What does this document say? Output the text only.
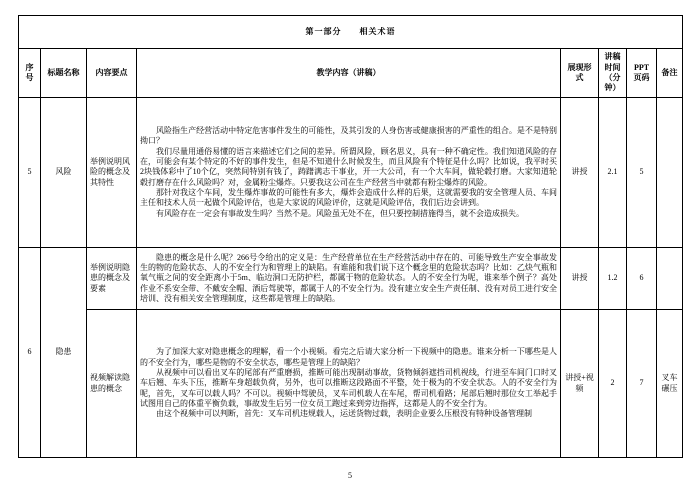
第一部分　　相关术语							
序号	标题名称	内容要点	教学内容（讲稿）	展现形式	讲稿时间（分钟）	PPT页码	备注
5	风险	举例说明风险的概念及其特性	风险指生产经营活动中特定危害事件发生的可能性，及其引发的人身伤害或健康损害的严重性的组合。是不是特别拗口？

我们尽量用通俗易懂的语言来描述它们之间的差异。所谓风险，顾名思义，具有一种不确定性。我们知道风险的存在，可能会有某个特定的不好的事件发生，但是不知道什么时候发生，而且风险有个特征是什么吗？比如说，我平时买2块钱体彩中了10个亿，突然间特别有钱了，踌躇满志干事业，开一大公司，有一个大车间，做轮毂打磨。大家知道轮毂打磨存在什么风险吗？对，金属粉尘爆炸。只要我这公司在生产经营当中就都有粉尘爆炸的风险。

那针对我这个车间，发生爆炸事故的可能性有多大，爆炸会造成什么样的后果，这就需要我的安全管理人员、车间主任和技术人员一起做个风险评估，也是大家说的风险评价，这就是风险评估，我们后边会讲到。

有风险存在一定会有事故发生吗？当然不是。风险虽无处不在，但只要控制措施得当，就不会造成损失。	讲授	2.1	5	
6	隐患	举例说明隐患的概念及要素	隐患的概念是什么呢？266号令给出的定义是：生产经营单位在生产经营活动中存在的、可能导致生产安全事故发生的物的危险状态、人的不安全行为和管理上的缺陷。有谁能和我们说下这个概念里的危险状态吗？比如：乙炔气瓶和氧气瓶之间的安全距离小于5m、临边洞口无防护栏，都属于物的危险状态。人的不安全行为呢，谁来举个例子？高处作业不系安全带、不戴安全帽、酒后驾驶等，都属于人的不安全行为。没有建立安全生产责任制、没有对员工进行安全培训、没有相关安全管理制度，这些都是管理上的缺陷。	讲授	1.2	6	
		视频解读隐患的概念	为了加深大家对隐患概念的理解，看一个小视频。看完之后请大家分析一下视频中的隐患。谁来分析一下哪些是人的不安全行为，哪些是物的不安全状态，哪些是管理上的缺陷？

从视频中可以看出叉车的尾部有严重磨损，推断可能出现制动事故，货物倾斜遮挡司机视线，行进至车间门口时叉车后翘、车头下压，推断车身超载负荷，另外，也可以推断这段路面不平整，处于极为的不安全状态。人的不安全行为呢，首先，叉车可以载人吗？不可以。视频中驾驶员，叉车司机载人在车尾，帮司机看路；尾部后翘时那位女工举起手试图用自己的体重平衡负载，事故发生后另一位女员工跑过来到旁边指挥，这都是人的不安全行为。

由这个视频中可以判断，首先：叉车司机违规载人，运送货物过载，表明企业要么压根没有特种设备管理制	讲授+视频	2	7	叉车碾压
5
